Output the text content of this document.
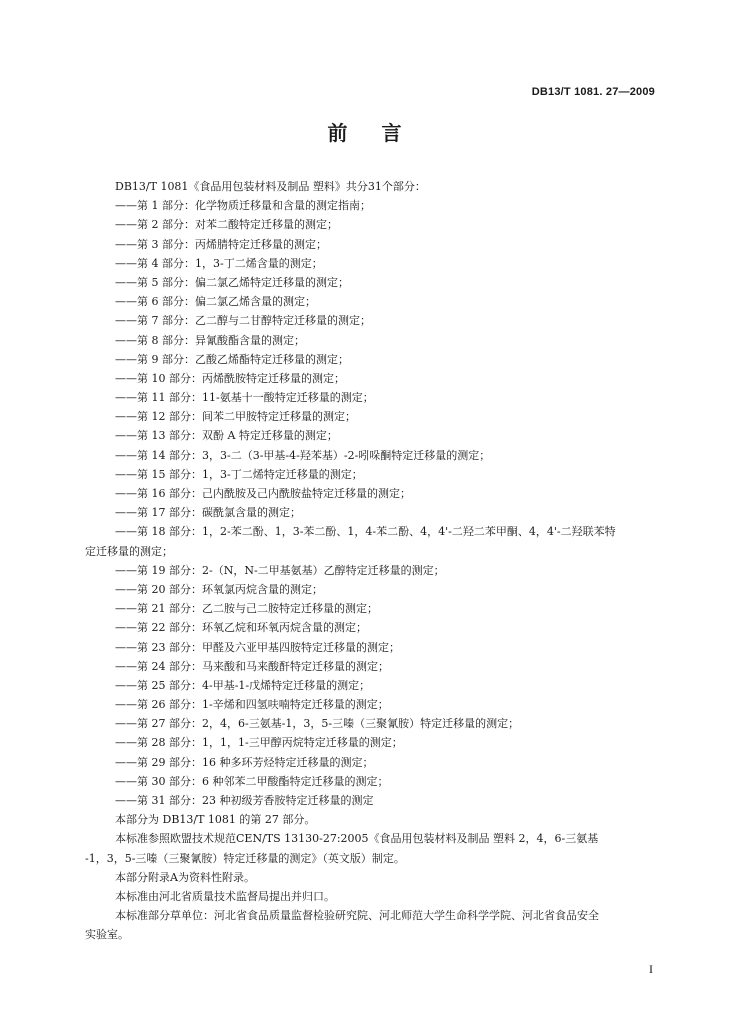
DB13/T 1081. 27—2009
前言
DB13/T 1081《食品用包装材料及制品 塑料》共分31个部分：
——第 1 部分：化学物质迁移量和含量的测定指南；
——第 2 部分：对苯二酸特定迁移量的测定；
——第 3 部分：丙烯腈特定迁移量的测定；
——第 4 部分：1，3-丁二烯含量的测定；
——第 5 部分：偏二氯乙烯特定迁移量的测定；
——第 6 部分：偏二氯乙烯含量的测定；
——第 7 部分：乙二醇与二甘醇特定迁移量的测定；
——第 8 部分：异氰酸酯含量的测定；
——第 9 部分：乙酸乙烯酯特定迁移量的测定；
——第 10 部分：丙烯酰胺特定迁移量的测定；
——第 11 部分：11-氨基十一酸特定迁移量的测定；
——第 12 部分：间苯二甲胺特定迁移量的测定；
——第 13 部分：双酚 A 特定迁移量的测定；
——第 14 部分：3，3-二（3-甲基-4-羟苯基）-2-吲哚酮特定迁移量的测定；
——第 15 部分：1，3-丁二烯特定迁移量的测定；
——第 16 部分：己内酰胺及己内酰胺盐特定迁移量的测定；
——第 17 部分：碳酰氯含量的测定；
——第 18 部分：1，2-苯二酚、1，3-苯二酚、1，4-苯二酚、4，4'-二羟二苯甲酮、4，4'-二羟联苯特
定迁移量的测定；
——第 19 部分：2-（N，N-二甲基氨基）乙醇特定迁移量的测定；
——第 20 部分：环氧氯丙烷含量的测定；
——第 21 部分：乙二胺与己二胺特定迁移量的测定；
——第 22 部分：环氧乙烷和环氧丙烷含量的测定；
——第 23 部分：甲醛及六亚甲基四胺特定迁移量的测定；
——第 24 部分：马来酸和马来酸酐特定迁移量的测定；
——第 25 部分：4-甲基-1-戊烯特定迁移量的测定；
——第 26 部分：1-辛烯和四氢呋喃特定迁移量的测定；
——第 27 部分：2，4，6-三氨基-1，3，5-三嗪（三聚氰胺）特定迁移量的测定；
——第 28 部分：1，1，1-三甲醇丙烷特定迁移量的测定；
——第 29 部分：16 种多环芳烃特定迁移量的测定；
——第 30 部分：6 种邻苯二甲酸酯特定迁移量的测定；
——第 31 部分：23 种初级芳香胺特定迁移量的测定
本部分为 DB13/T 1081 的第 27 部分。
本标准参照欧盟技术规范CEN/TS 13130-27:2005《食品用包装材料及制品 塑料 2，4，6-三氨基
-1，3，5-三嗪（三聚氰胺）特定迁移量的测定》（英文版）制定。
本部分附录A为资料性附录。
本标准由河北省质量技术监督局提出并归口。
本标准部分草单位：河北省食品质量监督检验研究院、河北师范大学生命科学学院、河北省食品安全
实验室。
I
